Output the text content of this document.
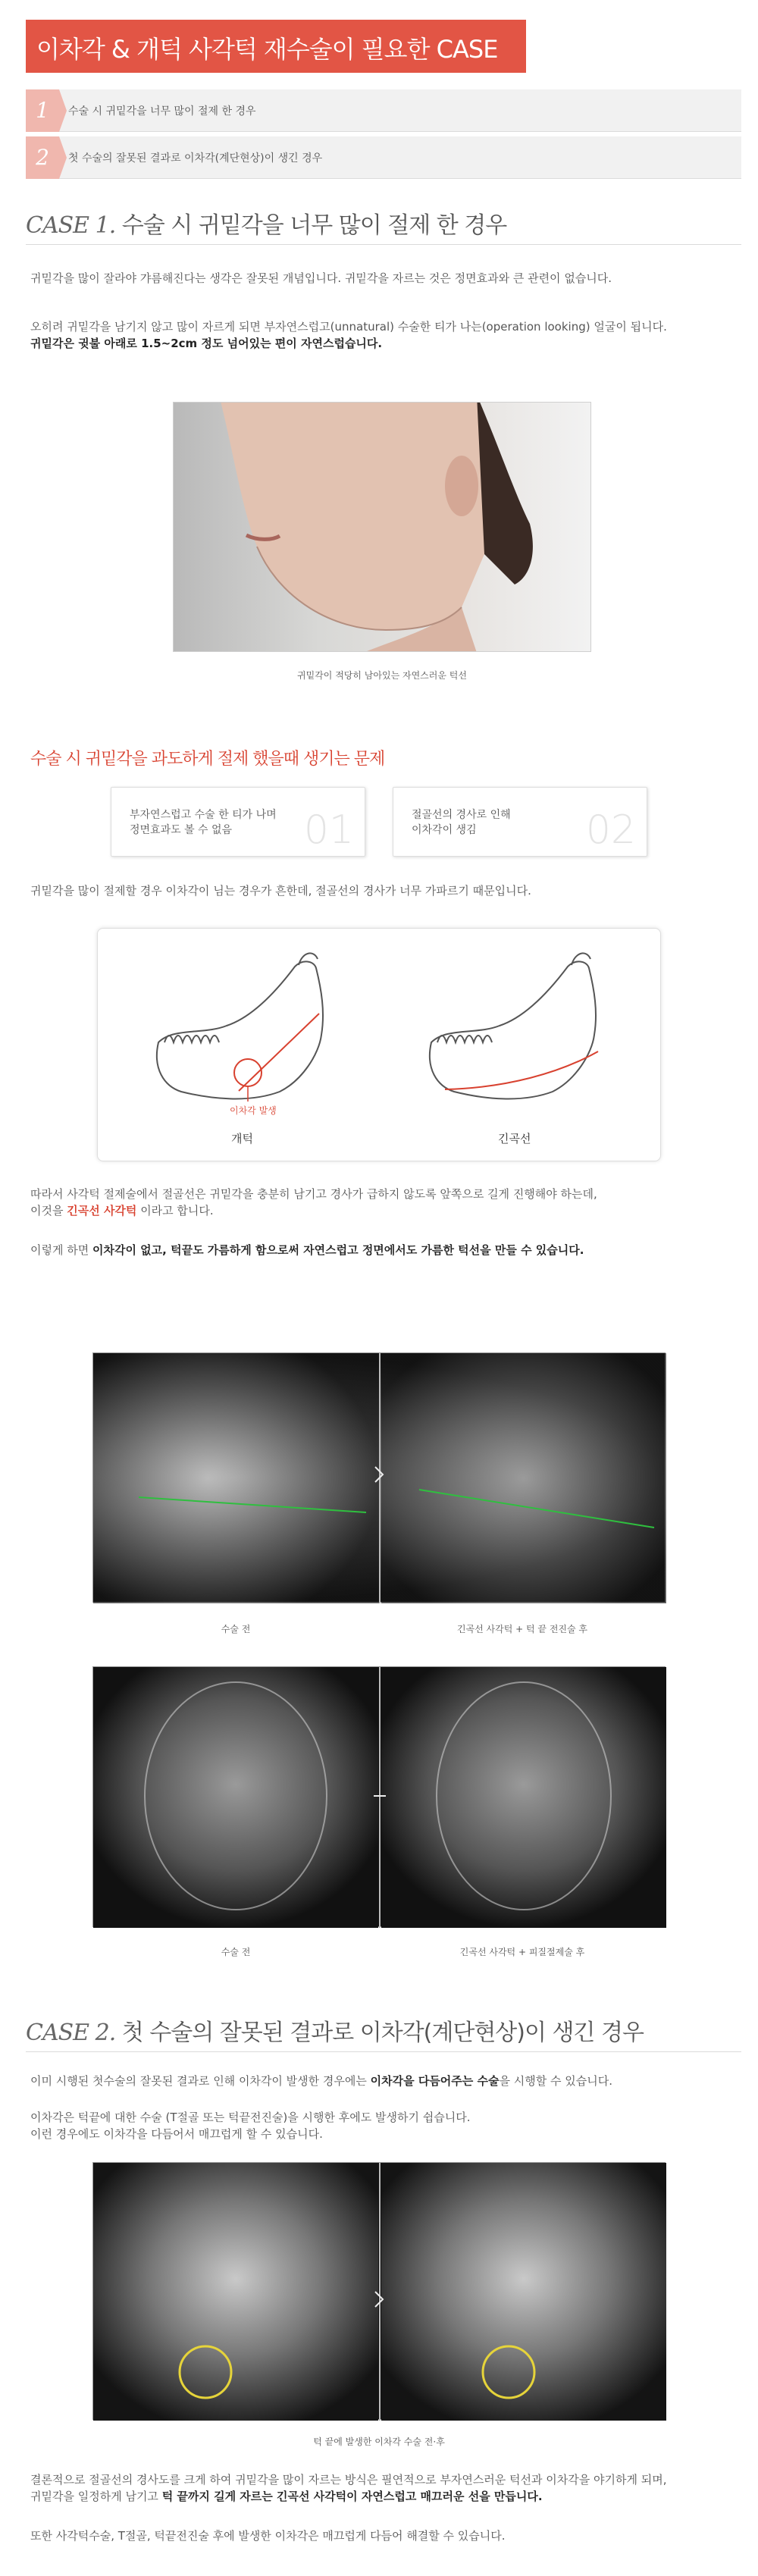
이차각 & 개턱 사각턱 재수술이 필요한 CASE
1	수술 시 귀밑각을 너무 많이 절제 한 경우
2	첫 수술의 잘못된 결과로 이차각(계단현상)이 생긴 경우
CASE 1. 수술 시 귀밑각을 너무 많이 절제 한 경우
귀밑각을 많이 잘라야 갸름해진다는 생각은 잘못된 개념입니다. 귀밑각을 자르는 것은 정면효과와 큰 관련이 없습니다.
오히려 귀밑각을 남기지 않고 많이 자르게 되면 부자연스럽고(unnatural) 수술한 티가 나는(operation looking) 얼굴이 됩니다.
귀밑각은 귓불 아래로 1.5~2cm 정도 넘어있는 편이 자연스럽습니다.
귀밑각이 적당히 남아있는 자연스러운 턱선
수술 시 귀밑각을 과도하게 절제 했을때 생기는 문제
부자연스럽고 수술 한 티가 나며
정면효과도 볼 수 없음	01	절골선의 경사로 인해
이차각이 생김	02
귀밑각을 많이 절제할 경우 이차각이 님는 경우가 흔한데, 절골선의 경사가 너무 가파르기 때문입니다.
이차각 발생
개턱	긴곡선
따라서 사각턱 절제술에서 절골선은 귀밑각을 충분히 남기고 경사가 급하지 않도록 앞쪽으로 길게 진행해야 하는데,
이것을 긴곡선 사각턱 이라고 합니다.
이렇게 하면 이차각이 없고, 턱끝도 가름하게 함으로써 자연스럽고 정면에서도 가름한 턱선을 만들 수 있습니다.
수술 전	긴곡선 사각턱 + 턱 끝 전진술 후
수술 전	긴곡선 사각턱 + 피질절제술 후
CASE 2. 첫 수술의 잘못된 결과로 이차각(계단현상)이 생긴 경우
이미 시행된 첫수술의 잘못된 결과로 인해 이차각이 발생한 경우에는 이차각을 다듬어주는 수술을 시행할 수 있습니다.
이차각은 턱끝에 대한 수술 (T절골 또는 턱끝전진술)을 시행한 후에도 발생하기 쉽습니다.
이런 경우에도 이차각을 다듬어서 매끄럽게 할 수 있습니다.
턱 끝에 발생한 이차각 수술 전·후
결론적으로 절골선의 경사도를 크게 하여 귀밑각을 많이 자르는 방식은 필연적으로 부자연스러운 턱선과 이차각을 야기하게 되며,
귀밑각을 일정하게 남기고 턱 끝까지 길게 자르는 긴곡선 사각턱이 자연스럽고 매끄러운 선을 만듭니다.
또한 사각턱수술, T절골, 턱끝전진술 후에 발생한 이차각은 매끄럽게 다듬어 해결할 수 있습니다.
